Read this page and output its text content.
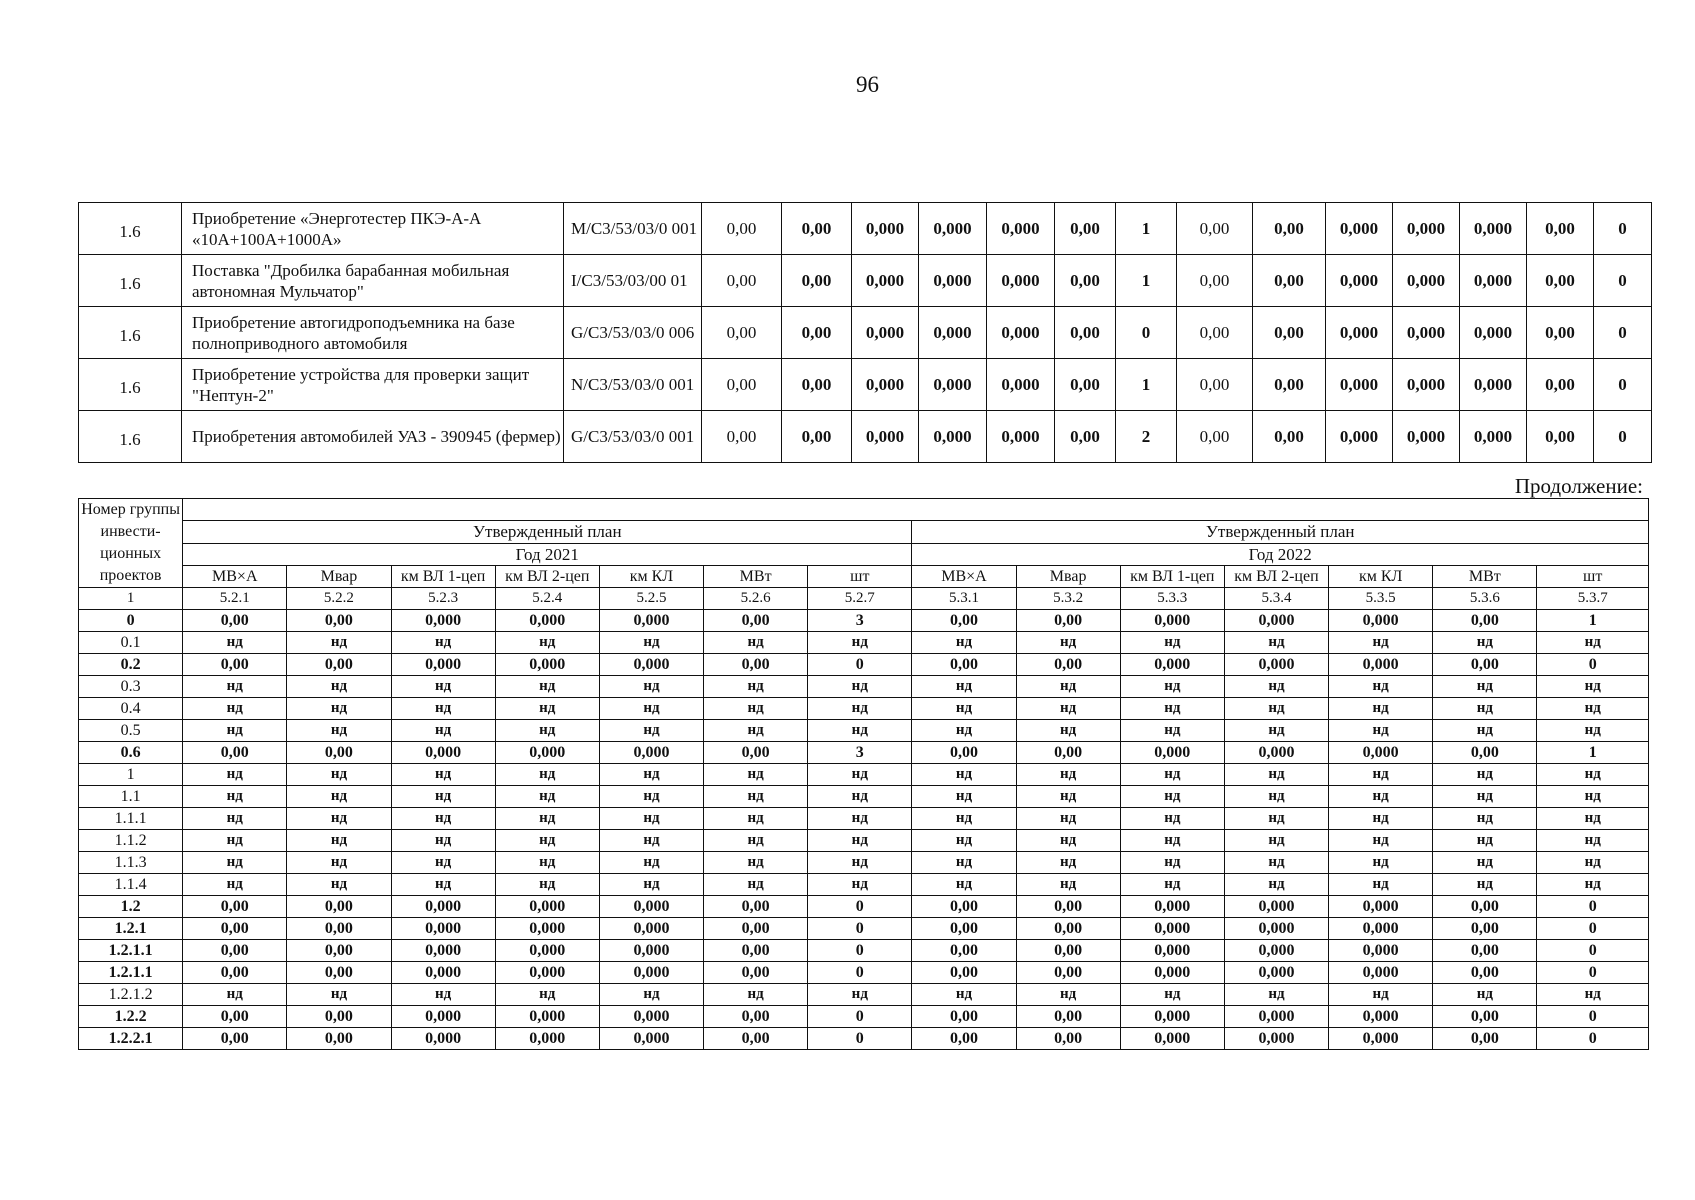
96
1.6	Приобретение «Энерготестер ПКЭ-А-А «10А+100А+1000А»	M/C3/53/03/0 001	0,00	0,00	0,000	0,000	0,000	0,00	1	0,00	0,00	0,000	0,000	0,000	0,00	0
1.6	Поставка "Дробилка барабанная мобильная автономная Мульчатор"	I/C3/53/03/00 01	0,00	0,00	0,000	0,000	0,000	0,00	1	0,00	0,00	0,000	0,000	0,000	0,00	0
1.6	Приобретение автогидроподъемника на базе полноприводного автомобиля	G/C3/53/03/0 006	0,00	0,00	0,000	0,000	0,000	0,00	0	0,00	0,00	0,000	0,000	0,000	0,00	0
1.6	Приобретение устройства для проверки защит "Нептун-2"	N/C3/53/03/0 001	0,00	0,00	0,000	0,000	0,000	0,00	1	0,00	0,00	0,000	0,000	0,000	0,00	0
1.6	Приобретения автомобилей УАЗ - 390945 (фермер)	G/C3/53/03/0 001	0,00	0,00	0,000	0,000	0,000	0,00	2	0,00	0,00	0,000	0,000	0,000	0,00	0
Продолжение:
Номер группы инвести-ционных проектов														
	Утвержденный план							Утвержденный план						
	Год 2021							Год 2022						
	МВ×А	Мвар	км ВЛ 1-цеп	км ВЛ 2-цеп	км КЛ	МВт	шт	МВ×А	Мвар	км ВЛ 1-цеп	км ВЛ 2-цеп	км КЛ	МВт	шт
1	5.2.1	5.2.2	5.2.3	5.2.4	5.2.5	5.2.6	5.2.7	5.3.1	5.3.2	5.3.3	5.3.4	5.3.5	5.3.6	5.3.7
0	0,00	0,00	0,000	0,000	0,000	0,00	3	0,00	0,00	0,000	0,000	0,000	0,00	1
0.1	нд	нд	нд	нд	нд	нд	нд	нд	нд	нд	нд	нд	нд	нд
0.2	0,00	0,00	0,000	0,000	0,000	0,00	0	0,00	0,00	0,000	0,000	0,000	0,00	0
0.3	нд	нд	нд	нд	нд	нд	нд	нд	нд	нд	нд	нд	нд	нд
0.4	нд	нд	нд	нд	нд	нд	нд	нд	нд	нд	нд	нд	нд	нд
0.5	нд	нд	нд	нд	нд	нд	нд	нд	нд	нд	нд	нд	нд	нд
0.6	0,00	0,00	0,000	0,000	0,000	0,00	3	0,00	0,00	0,000	0,000	0,000	0,00	1
1	нд	нд	нд	нд	нд	нд	нд	нд	нд	нд	нд	нд	нд	нд
1.1	нд	нд	нд	нд	нд	нд	нд	нд	нд	нд	нд	нд	нд	нд
1.1.1	нд	нд	нд	нд	нд	нд	нд	нд	нд	нд	нд	нд	нд	нд
1.1.2	нд	нд	нд	нд	нд	нд	нд	нд	нд	нд	нд	нд	нд	нд
1.1.3	нд	нд	нд	нд	нд	нд	нд	нд	нд	нд	нд	нд	нд	нд
1.1.4	нд	нд	нд	нд	нд	нд	нд	нд	нд	нд	нд	нд	нд	нд
1.2	0,00	0,00	0,000	0,000	0,000	0,00	0	0,00	0,00	0,000	0,000	0,000	0,00	0
1.2.1	0,00	0,00	0,000	0,000	0,000	0,00	0	0,00	0,00	0,000	0,000	0,000	0,00	0
1.2.1.1	0,00	0,00	0,000	0,000	0,000	0,00	0	0,00	0,00	0,000	0,000	0,000	0,00	0
1.2.1.1	0,00	0,00	0,000	0,000	0,000	0,00	0	0,00	0,00	0,000	0,000	0,000	0,00	0
1.2.1.2	нд	нд	нд	нд	нд	нд	нд	нд	нд	нд	нд	нд	нд	нд
1.2.2	0,00	0,00	0,000	0,000	0,000	0,00	0	0,00	0,00	0,000	0,000	0,000	0,00	0
1.2.2.1	0,00	0,00	0,000	0,000	0,000	0,00	0	0,00	0,00	0,000	0,000	0,000	0,00	0
